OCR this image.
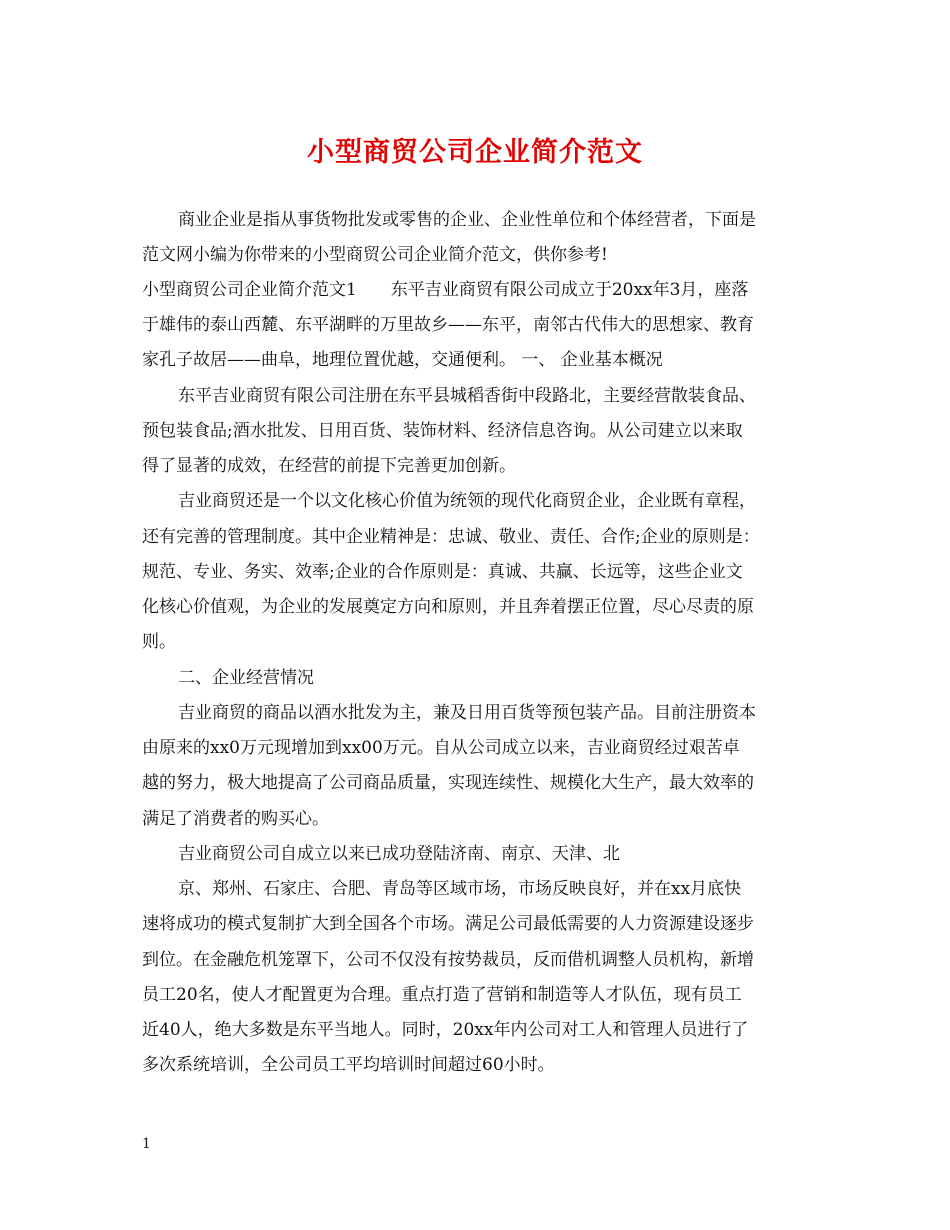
小型商贸公司企业简介范文
商业企业是指从事货物批发或零售的企业、企业性单位和个体经营者，下面是
范文网小编为你带来的小型商贸公司企业简介范文，供你参考!
小型商贸公司企业简介范文1　　东平吉业商贸有限公司成立于20xx年3月，座落
于雄伟的泰山西麓、东平湖畔的万里故乡——东平，南邻古代伟大的思想家、教育
家孔子故居——曲阜，地理位置优越，交通便利。 一、 企业基本概况
东平吉业商贸有限公司注册在东平县城稻香街中段路北，主要经营散装食品、
预包装食品;酒水批发、日用百货、装饰材料、经济信息咨询。从公司建立以来取
得了显著的成效，在经营的前提下完善更加创新。
吉业商贸还是一个以文化核心价值为统领的现代化商贸企业，企业既有章程，
还有完善的管理制度。其中企业精神是：忠诚、敬业、责任、合作;企业的原则是：
规范、专业、务实、效率;企业的合作原则是：真诚、共赢、长远等，这些企业文
化核心价值观，为企业的发展奠定方向和原则，并且奔着摆正位置，尽心尽责的原
则。
二、企业经营情况
吉业商贸的商品以酒水批发为主，兼及日用百货等预包装产品。目前注册资本
由原来的xx0万元现增加到xx00万元。自从公司成立以来，吉业商贸经过艰苦卓
越的努力，极大地提高了公司商品质量，实现连续性、规模化大生产，最大效率的
满足了消费者的购买心。
吉业商贸公司自成立以来已成功登陆济南、南京、天津、北
京、郑州、石家庄、合肥、青岛等区域市场，市场反映良好，并在xx月底快
速将成功的模式复制扩大到全国各个市场。满足公司最低需要的人力资源建设逐步
到位。在金融危机笼罩下，公司不仅没有按势裁员，反而借机调整人员机构，新增
员工20名，使人才配置更为合理。重点打造了营销和制造等人才队伍，现有员工
近40人，绝大多数是东平当地人。同时，20xx年内公司对工人和管理人员进行了
多次系统培训，全公司员工平均培训时间超过60小时。
1
